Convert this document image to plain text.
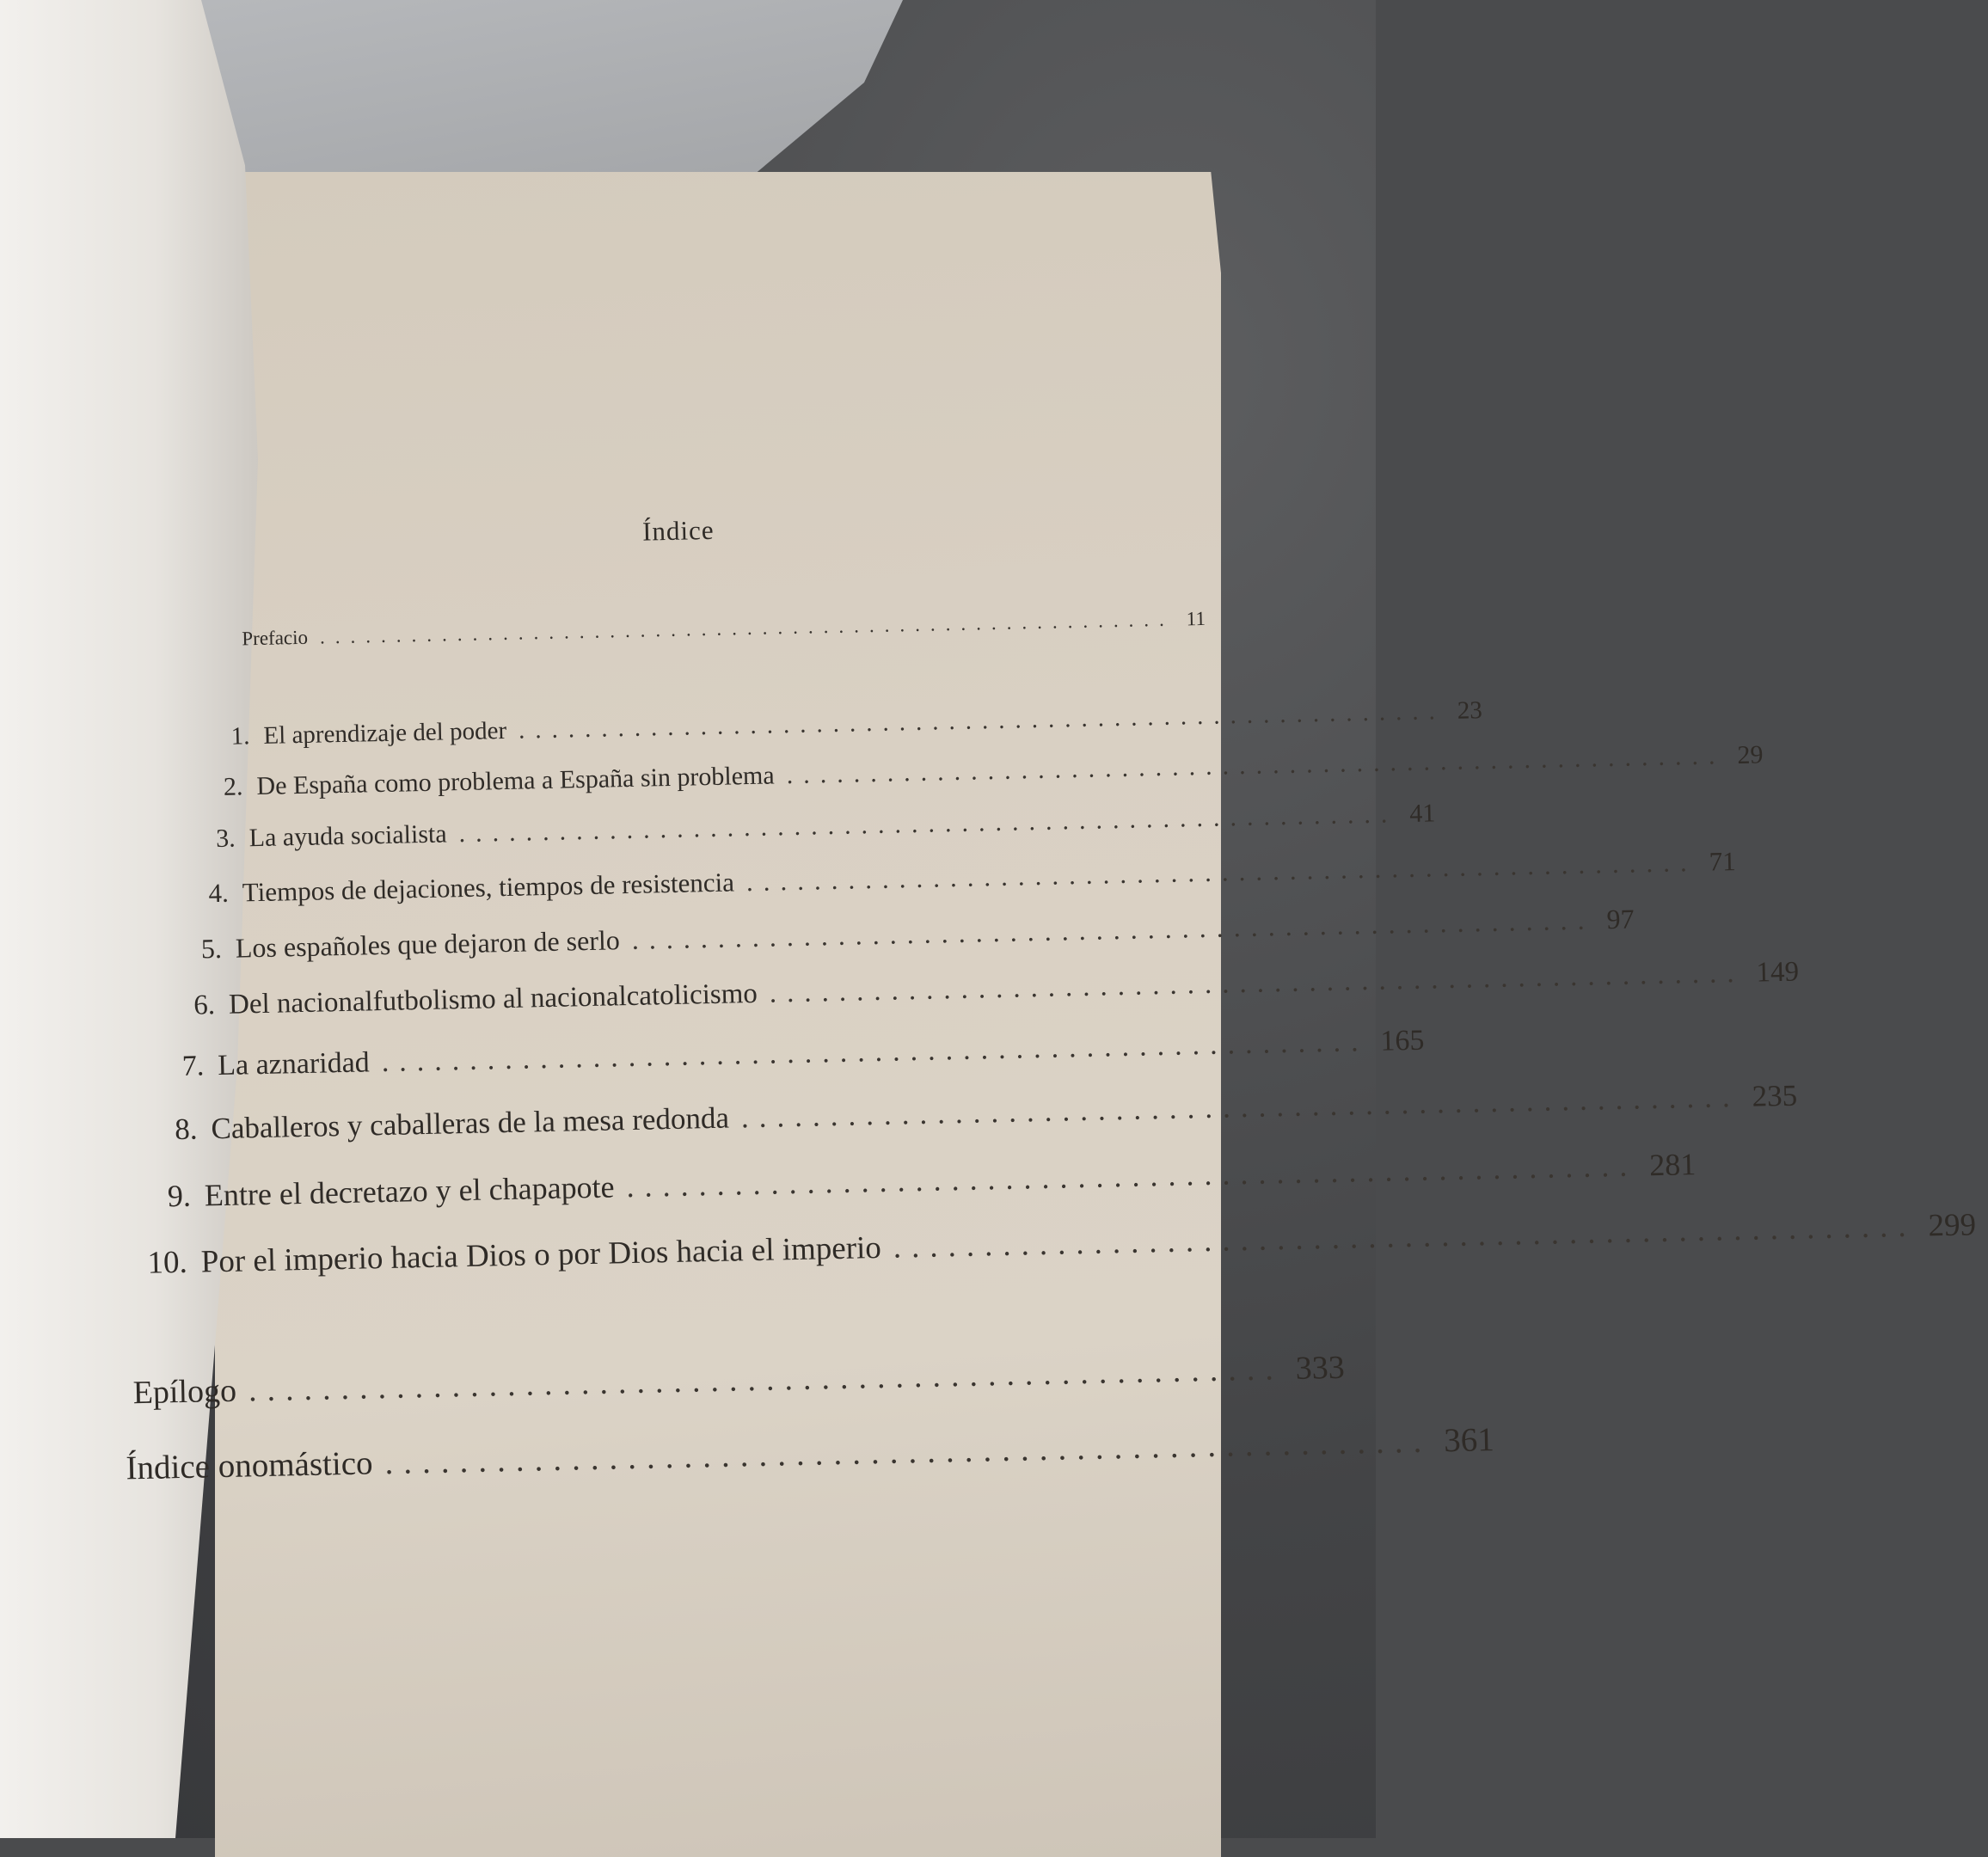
Índice
Prefacio ........................................................ 11
1. El aprendizaje del poder ........................................................ 23
2. De España como problema a España sin problema ........................................................ 29
3. La ayuda socialista ........................................................ 41
4. Tiempos de dejaciones, tiempos de resistencia ........................................................ 71
5. Los españoles que dejaron de serlo ........................................................ 97
6. Del nacionalfutbolismo al nacionalcatolicismo ........................................................ 149
7. La aznaridad ........................................................ 165
8. Caballeros y caballeras de la mesa redonda ........................................................ 235
9. Entre el decretazo y el chapapote ........................................................ 281
10. Por el imperio hacia Dios o por Dios hacia el imperio ........................................................ 299
Epílogo ........................................................ 333
Índice onomástico ........................................................ 361
